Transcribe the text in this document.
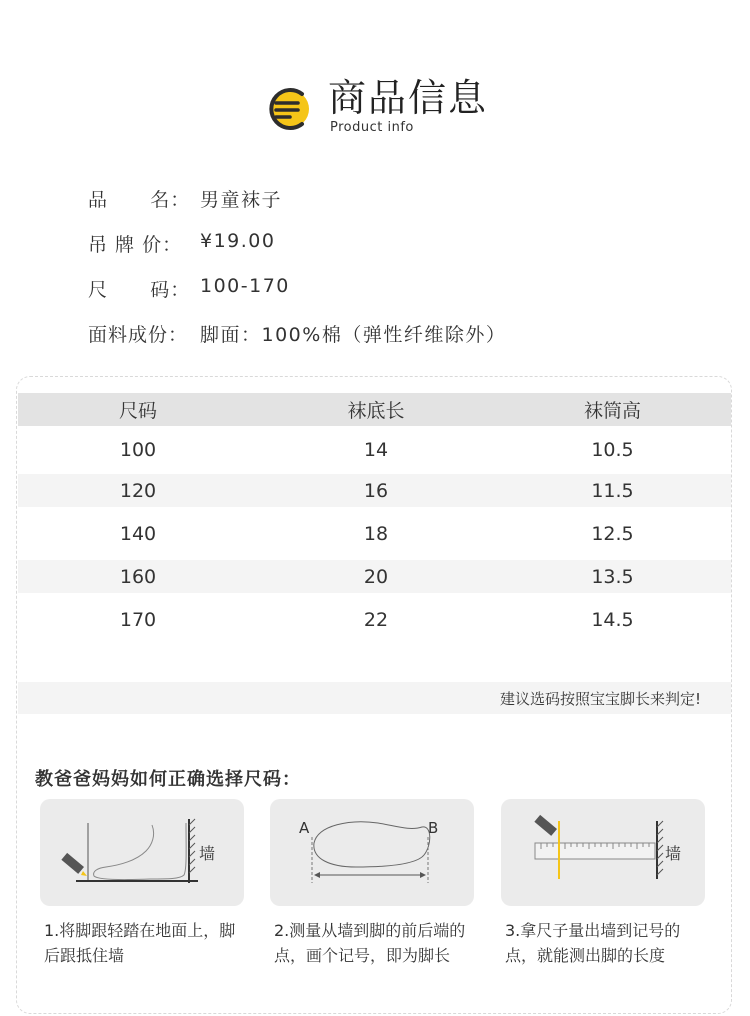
商品信息
Product info
品      名： 男童袜子
吊 牌 价： ¥19.00
尺      码： 100-170
面料成份： 脚面：100%棉（弹性纤维除外）
尺码	袜底长	袜筒高
100	14	10.5
120	16	11.5
140	18	12.5
160	20	13.5
170	22	14.5
建议选码按照宝宝脚长来判定!
教爸爸妈妈如何正确选择尺码：
墙
1.将脚跟轻踏在地面上，脚后跟抵住墙
A	B
2.测量从墙到脚的前后端的点，画个记号，即为脚长
墙
3.拿尺子量出墙到记号的点，就能测出脚的长度
